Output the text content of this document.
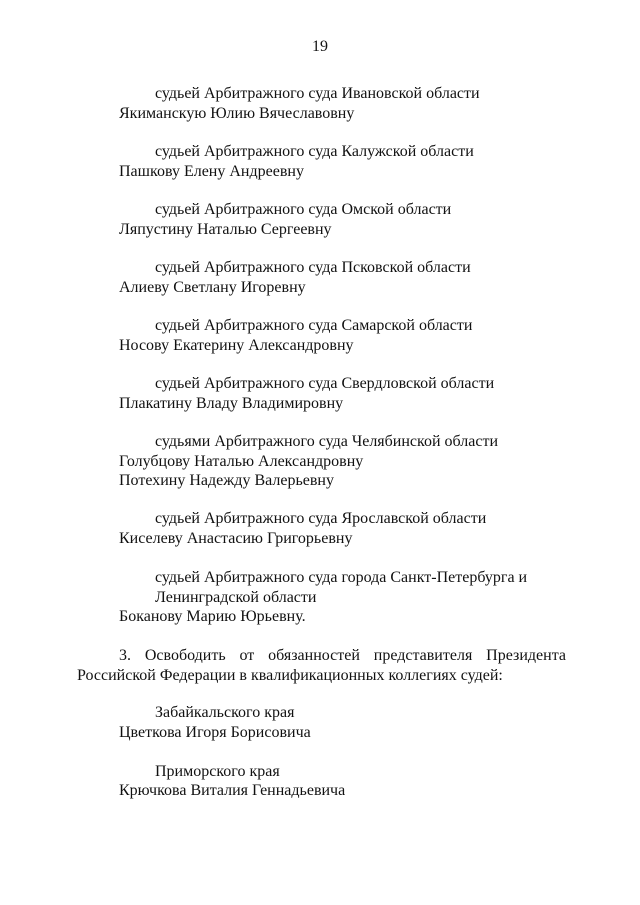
19
судьей Арбитражного суда Ивановской области
Якиманскую Юлию Вячеславовну
судьей Арбитражного суда Калужской области
Пашкову Елену Андреевну
судьей Арбитражного суда Омской области
Ляпустину Наталью Сергеевну
судьей Арбитражного суда Псковской области
Алиеву Светлану Игоревну
судьей Арбитражного суда Самарской области
Носову Екатерину Александровну
судьей Арбитражного суда Свердловской области
Плакатину Владу Владимировну
судьями Арбитражного суда Челябинской области
Голубцову Наталью Александровну
Потехину Надежду Валерьевну
судьей Арбитражного суда Ярославской области
Киселеву Анастасию Григорьевну
судьей Арбитражного суда города Санкт-Петербурга и
Ленинградской области
Боканову Марию Юрьевну.
3. Освободить от обязанностей представителя Президента
Российской Федерации в квалификационных коллегиях судей:
Забайкальского края
Цветкова Игоря Борисовича
Приморского края
Крючкова Виталия Геннадьевича
